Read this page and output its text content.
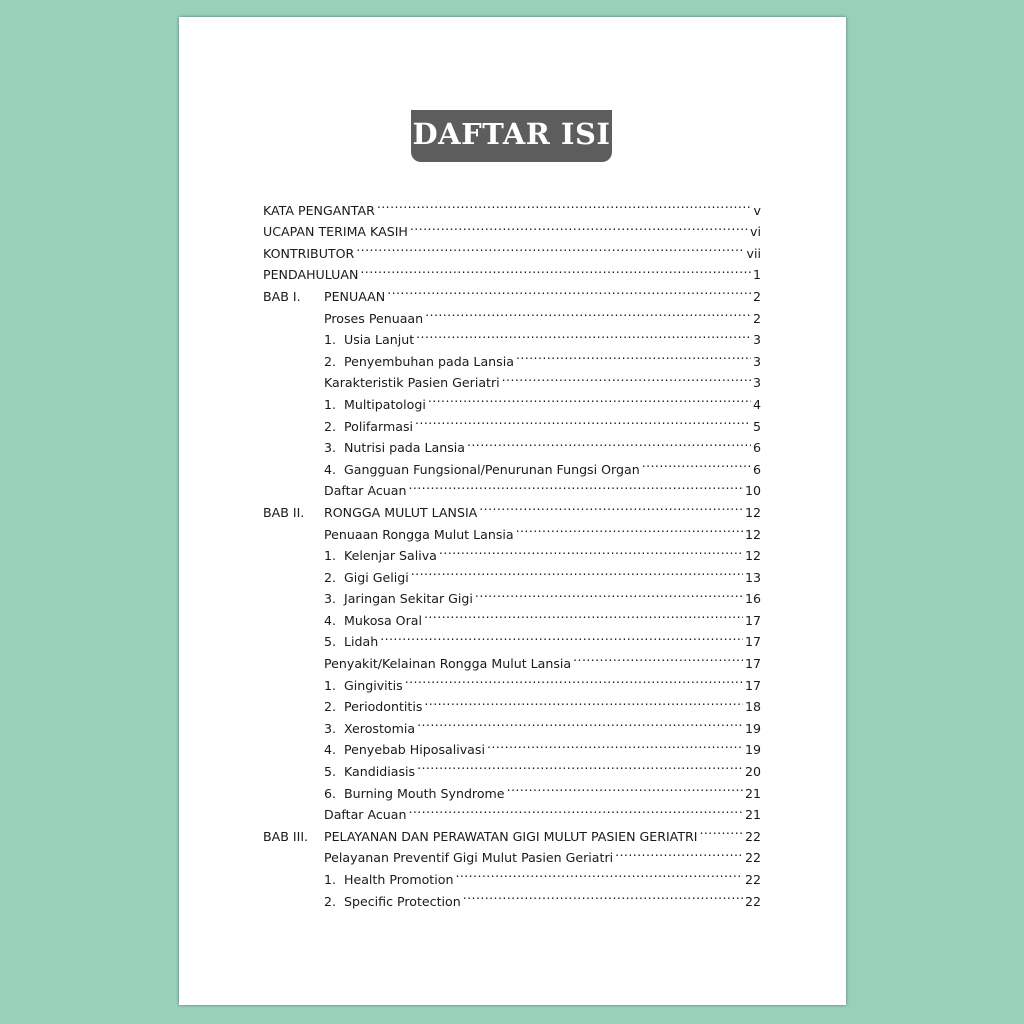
DAFTAR ISI
KATA PENGANTAR .....	v
UCAPAN TERIMA KASIH .....	vi
KONTRIBUTOR .....	vii
PENDAHULUAN .....	1
BAB I.	PENUAAN .....	2
Proses Penuaan .....	2
1. Usia Lanjut .....	3
2. Penyembuhan pada Lansia .....	3
Karakteristik Pasien Geriatri .....	3
1. Multipatologi .....	4
2. Polifarmasi .....	5
3. Nutrisi pada Lansia .....	6
4. Gangguan Fungsional/Penurunan Fungsi Organ .....	6
Daftar Acuan .....	10
BAB II.	RONGGA MULUT LANSIA .....	12
Penuaan Rongga Mulut Lansia .....	12
1. Kelenjar Saliva .....	12
2. Gigi Geligi .....	13
3. Jaringan Sekitar Gigi .....	16
4. Mukosa Oral .....	17
5. Lidah .....	17
Penyakit/Kelainan Rongga Mulut Lansia .....	17
1. Gingivitis .....	17
2. Periodontitis .....	18
3. Xerostomia .....	19
4. Penyebab Hiposalivasi .....	19
5. Kandidiasis .....	20
6. Burning Mouth Syndrome .....	21
Daftar Acuan .....	21
BAB III.	PELAYANAN DAN PERAWATAN GIGI MULUT PASIEN GERIATRI .....	22
Pelayanan Preventif Gigi Mulut Pasien Geriatri .....	22
1. Health Promotion .....	22
2. Specific Protection .....	22
